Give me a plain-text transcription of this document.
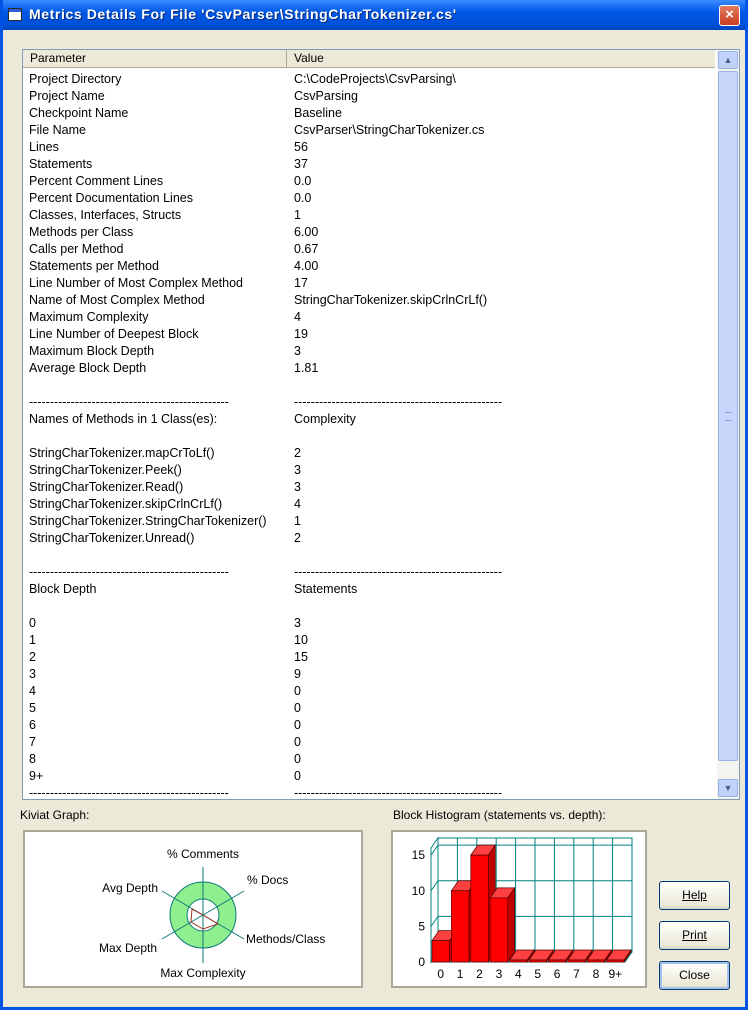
Metrics Details For File 'CsvParser\StringCharTokenizer.cs'	×
Parameter	Value
Project Directory	C:\CodeProjects\CsvParsing\
Project Name	CsvParsing
Checkpoint Name	Baseline
File Name	CsvParser\StringCharTokenizer.cs
Lines	56
Statements	37
Percent Comment Lines	0.0
Percent Documentation Lines	0.0
Classes, Interfaces, Structs	1
Methods per Class	6.00
Calls per Method	0.67
Statements per Method	4.00
Line Number of Most Complex Method	17
Name of Most Complex Method	StringCharTokenizer.skipCrlnCrLf()
Maximum Complexity	4
Line Number of Deepest Block	19
Maximum Block Depth	3
Average Block Depth	1.81
------------------------------------------------	--------------------------------------------------
Names of Methods in 1 Class(es):	Complexity
StringCharTokenizer.mapCrToLf()	2
StringCharTokenizer.Peek()	3
StringCharTokenizer.Read()	3
StringCharTokenizer.skipCrlnCrLf()	4
StringCharTokenizer.StringCharTokenizer() 1
StringCharTokenizer.Unread()	2
------------------------------------------------	--------------------------------------------------
Block Depth	Statements
0	3
1	10
2	15
3	9
4	0
5	0
6	0
7	0
8	0
9+	0
------------------------------------------------	--------------------------------------------------
▲
▼
Kiviat Graph:
% Comments
% Docs
Methods/Class
Max Complexity
Max Depth
Avg Depth
Block Histogram (statements vs. depth):
0
5
10
15
0 1 2 3 4 5 6 7 8 9+
Help
Print
Close
